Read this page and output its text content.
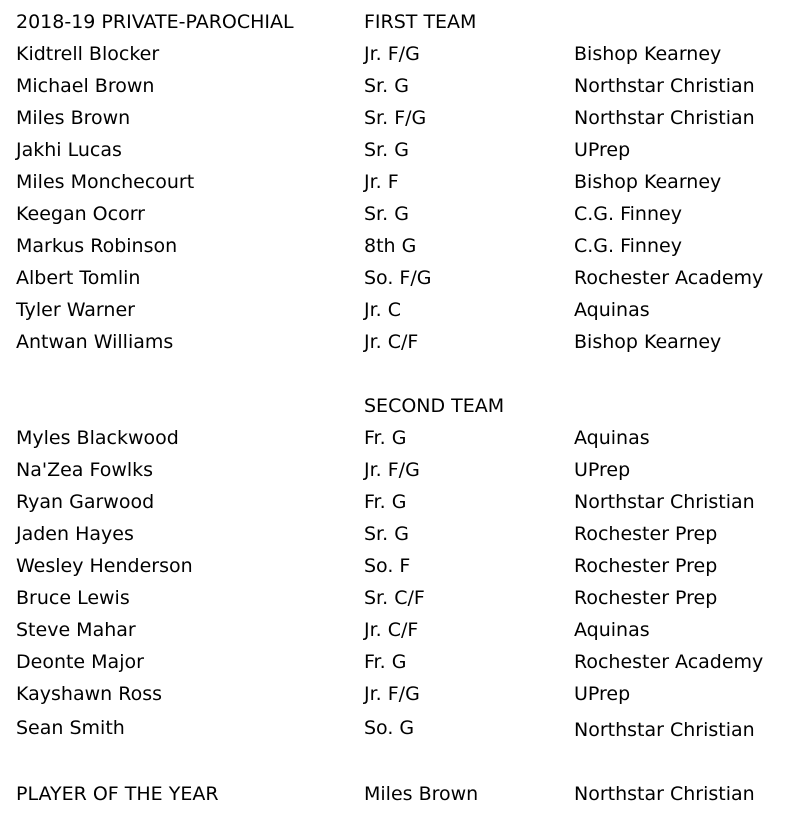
2018-19 PRIVATE-PAROCHIAL	FIRST TEAM
Kidtrell Blocker	Jr. F/G	Bishop Kearney
Michael Brown	Sr. G	Northstar Christian
Miles Brown	Sr. F/G	Northstar Christian
Jakhi Lucas	Sr. G	UPrep
Miles Monchecourt	Jr. F	Bishop Kearney
Keegan Ocorr	Sr. G	C.G. Finney
Markus Robinson	8th G	C.G. Finney
Albert Tomlin	So. F/G	Rochester Academy
Tyler Warner	Jr. C	Aquinas
Antwan Williams	Jr. C/F	Bishop Kearney
SECOND TEAM
Myles Blackwood	Fr. G	Aquinas
Na'Zea Fowlks	Jr. F/G	UPrep
Ryan Garwood	Fr. G	Northstar Christian
Jaden Hayes	Sr. G	Rochester Prep
Wesley Henderson	So. F	Rochester Prep
Bruce Lewis	Sr. C/F	Rochester Prep
Steve Mahar	Jr. C/F	Aquinas
Deonte Major	Fr. G	Rochester Academy
Kayshawn Ross	Jr. F/G	UPrep
Sean Smith	So. G	Northstar Christian
PLAYER OF THE YEAR	Miles Brown	Northstar Christian
